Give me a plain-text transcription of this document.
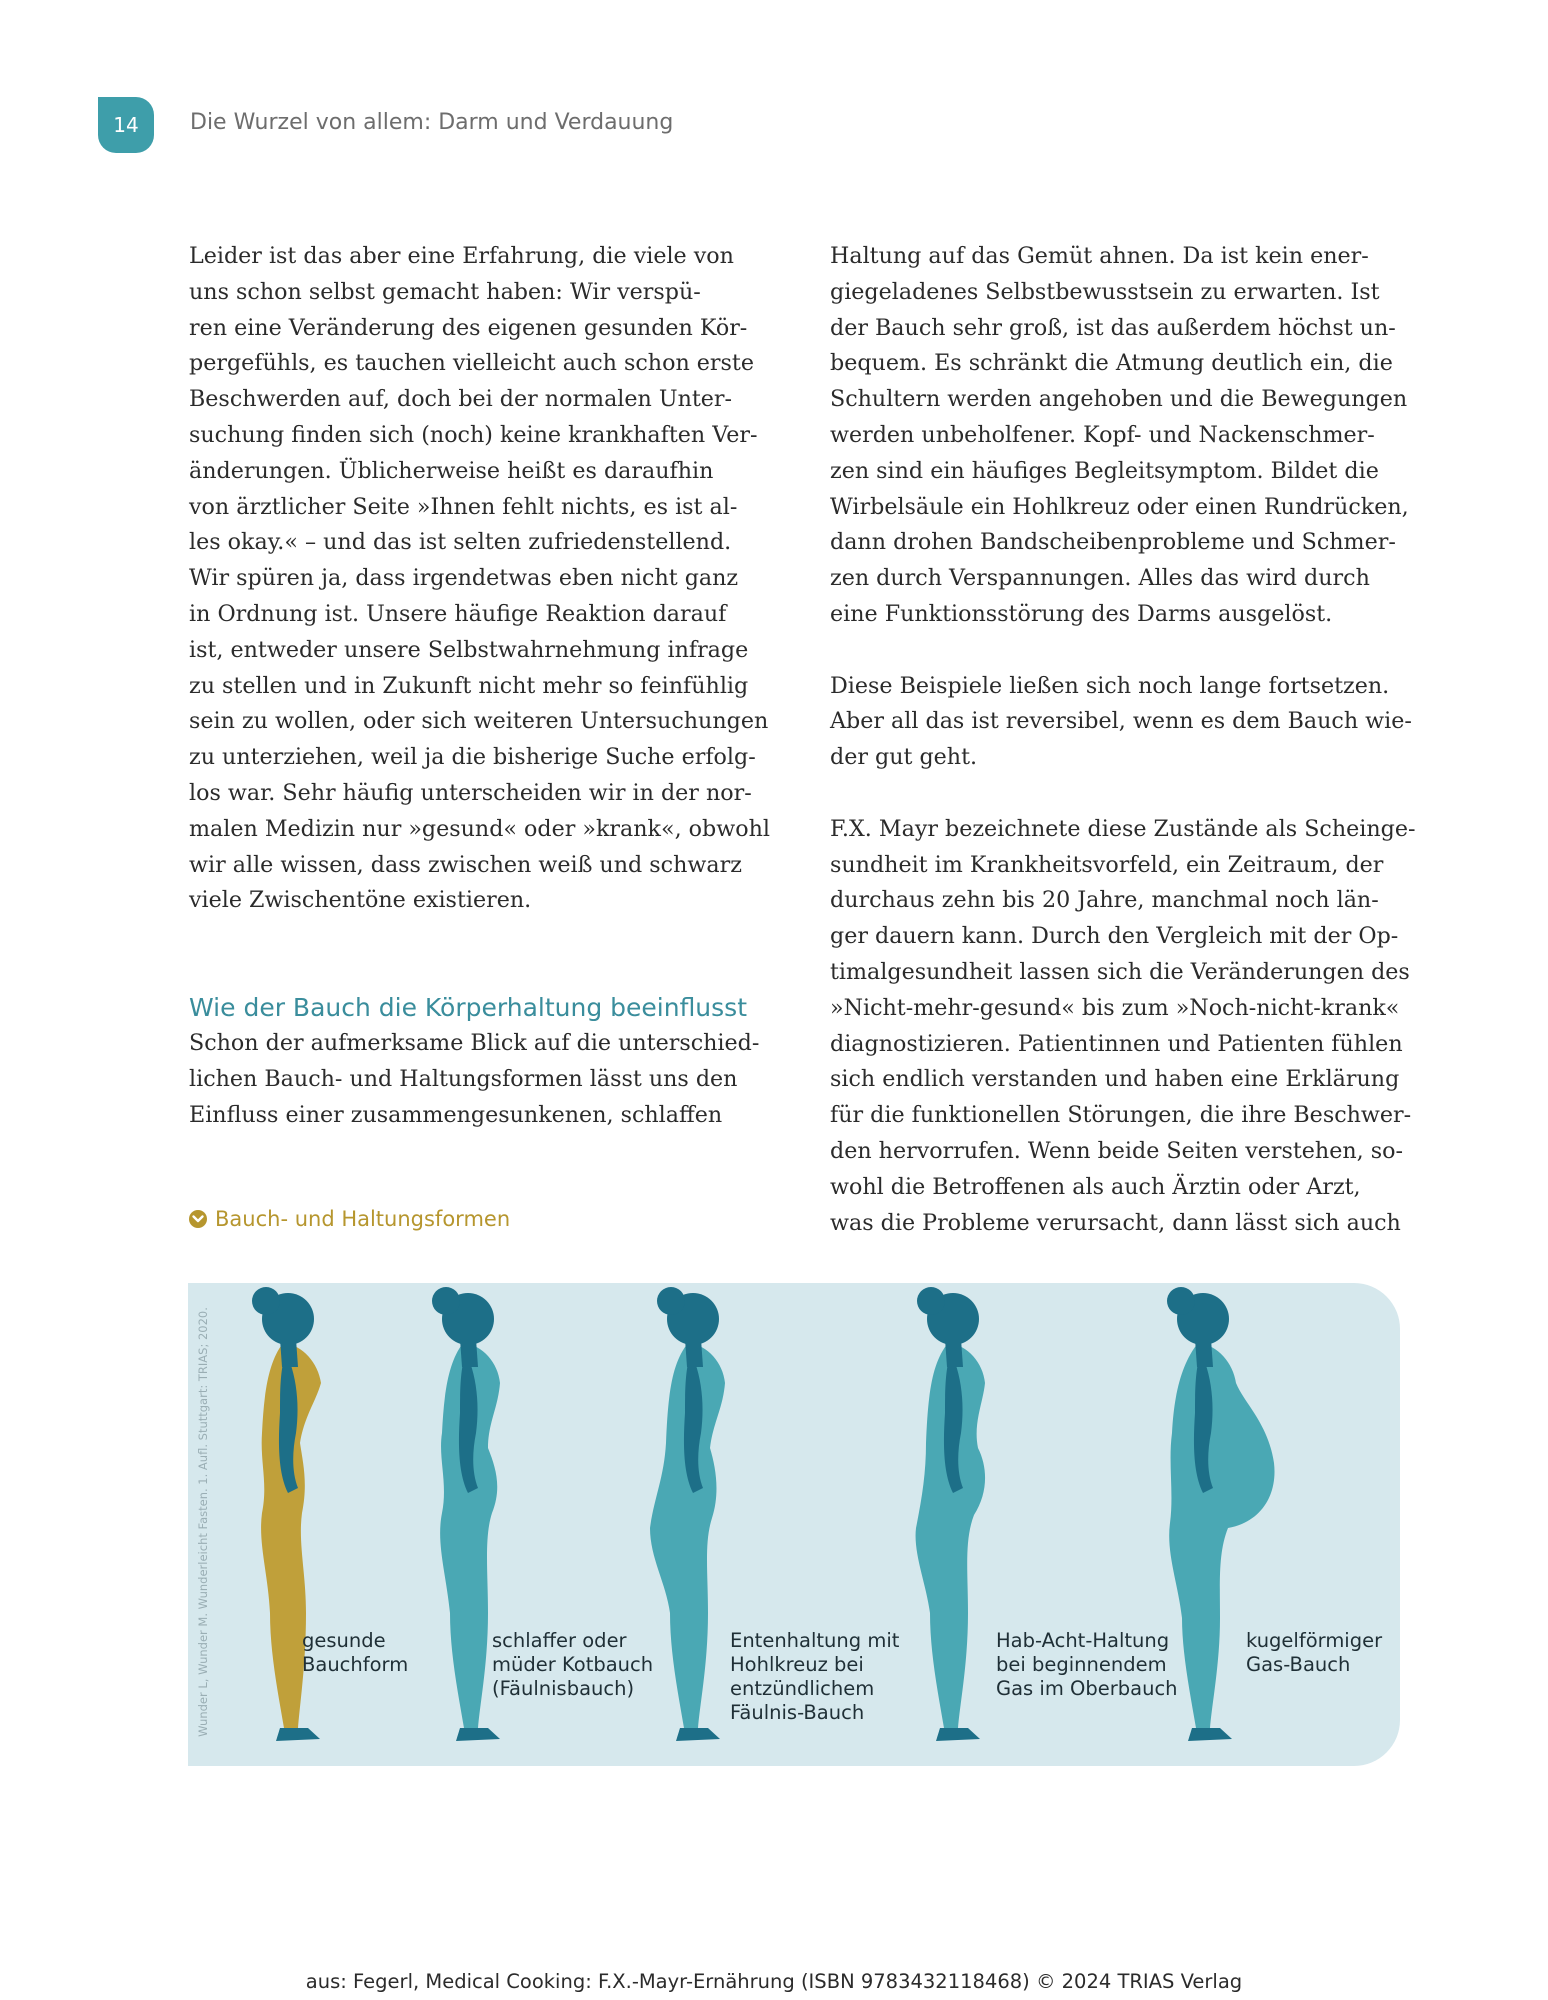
14 Die Wurzel von allem: Darm und Verdauung
Leider ist das aber eine Erfahrung, die viele von
uns schon selbst gemacht haben: Wir verspü-
ren eine Veränderung des eigenen gesunden Kör-
pergefühls, es tauchen vielleicht auch schon erste
Beschwerden auf, doch bei der normalen Unter-
suchung finden sich (noch) keine krankhaften Ver-
änderungen. Üblicherweise heißt es daraufhin
von ärztlicher Seite »Ihnen fehlt nichts, es ist al-
les okay.« – und das ist selten zufriedenstellend.
Wir spüren ja, dass irgendetwas eben nicht ganz
in Ordnung ist. Unsere häufige Reaktion darauf
ist, entweder unsere Selbstwahrnehmung infrage
zu stellen und in Zukunft nicht mehr so feinfühlig
sein zu wollen, oder sich weiteren Untersuchungen
zu unterziehen, weil ja die bisherige Suche erfolg-
los war. Sehr häufig unterscheiden wir in der nor-
malen Medizin nur »gesund« oder »krank«, obwohl
wir alle wissen, dass zwischen weiß und schwarz
viele Zwischentöne existieren.
Wie der Bauch die Körperhaltung beeinflusst
Schon der aufmerksame Blick auf die unterschied-
lichen Bauch- und Haltungsformen lässt uns den
Einfluss einer zusammengesunkenen, schlaffen
Haltung auf das Gemüt ahnen. Da ist kein ener-
giegeladenes Selbstbewusstsein zu erwarten. Ist
der Bauch sehr groß, ist das außerdem höchst un-
bequem. Es schränkt die Atmung deutlich ein, die
Schultern werden angehoben und die Bewegungen
werden unbeholfener. Kopf- und Nackenschmer-
zen sind ein häufiges Begleitsymptom. Bildet die
Wirbelsäule ein Hohlkreuz oder einen Rundrücken,
dann drohen Bandscheibenprobleme und Schmer-
zen durch Verspannungen. Alles das wird durch
eine Funktionsstörung des Darms ausgelöst.
Diese Beispiele ließen sich noch lange fortsetzen.
Aber all das ist reversibel, wenn es dem Bauch wie-
der gut geht.
F.X. Mayr bezeichnete diese Zustände als Scheinge-
sundheit im Krankheitsvorfeld, ein Zeitraum, der
durchaus zehn bis 20 Jahre, manchmal noch län-
ger dauern kann. Durch den Vergleich mit der Op-
timalgesundheit lassen sich die Veränderungen des
»Nicht-mehr-gesund« bis zum »Noch-nicht-krank«
diagnostizieren. Patientinnen und Patienten fühlen
sich endlich verstanden und haben eine Erklärung
für die funktionellen Störungen, die ihre Beschwer-
den hervorrufen. Wenn beide Seiten verstehen, so-
wohl die Betroffenen als auch Ärztin oder Arzt,
was die Probleme verursacht, dann lässt sich auch
Bauch- und Haltungsformen
gesunde
Bauchform
schlaffer oder
müder Kotbauch
(Fäulnisbauch)
Entenhaltung mit
Hohlkreuz bei
entzündlichem
Fäulnis-Bauch
Hab-Acht-Haltung
bei beginnendem
Gas im Oberbauch
kugelförmiger
Gas-Bauch
Wunder L, Wunder M. Wunderleicht Fasten. 1. Aufl. Stuttgart: TRIAS; 2020.
aus: Fegerl, Medical Cooking: F.X.-Mayr-Ernährung (ISBN 9783432118468) © 2024 TRIAS Verlag
